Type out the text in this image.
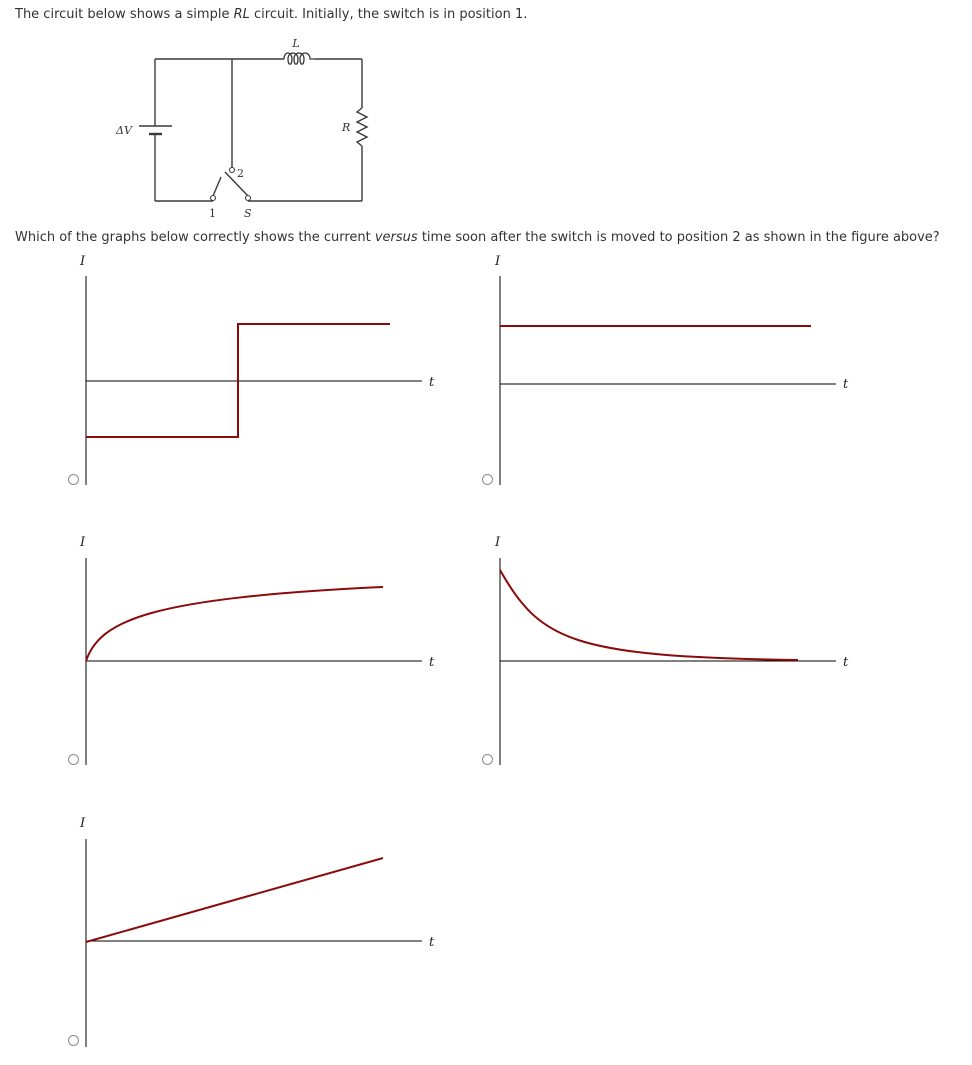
The circuit below shows a simple RL circuit. Initially, the switch is in position 1.
L
R
ΔV
S
1
2
Which of the graphs below correctly shows the current versus time soon after the switch is moved to position 2 as shown in the figure above?
I
t
I
t
I
t
I
t
I
t
